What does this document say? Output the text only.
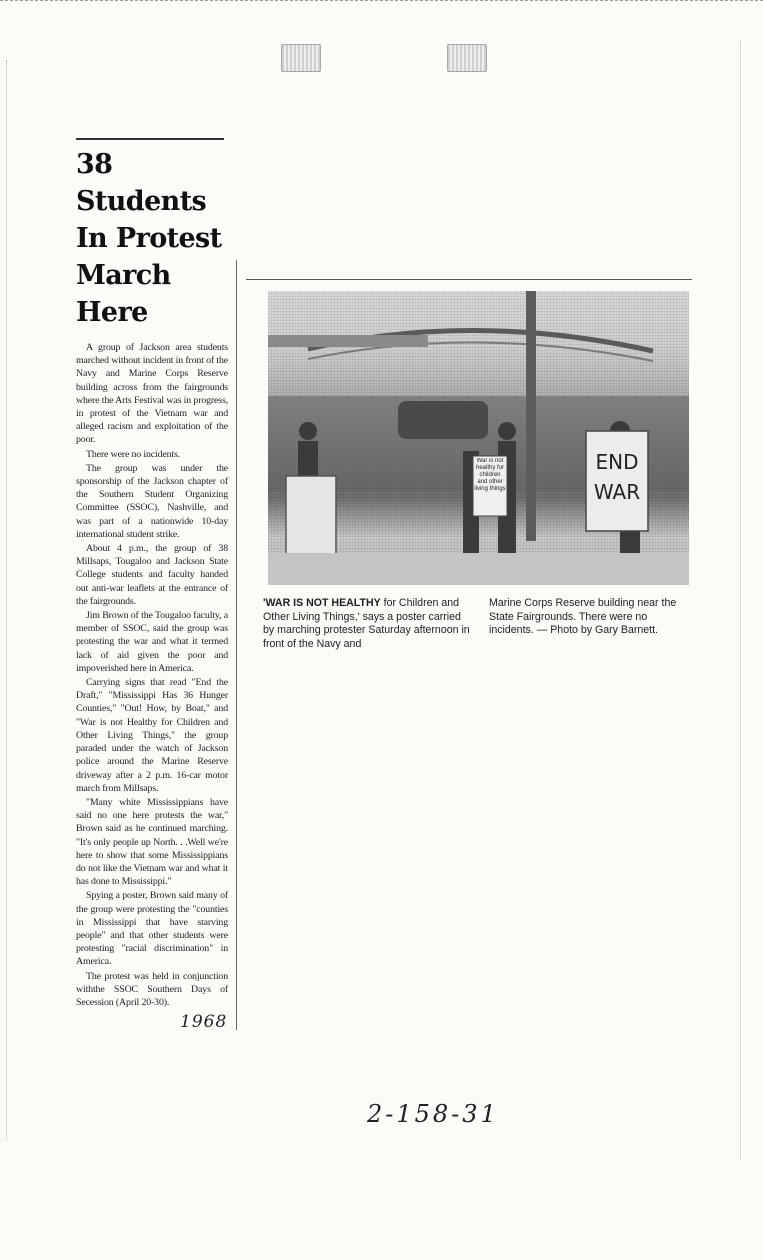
38 Students
In Protest
March Here

A group of Jackson area students marched without incident in front of the Navy and Marine Corps Reserve building across from the fairgrounds where the Arts Festival was in progress, in protest of the Vietnam war and alleged racism and exploitation of the poor.

There were no incidents.

The group was under the sponsorship of the Jackson chapter of the Southern Student Organizing Committee (SSOC), Nashville, and was part of a nationwide 10-day international student strike.

About 4 p.m., the group of 38 Millsaps, Tougaloo and Jackson State College students and faculty handed out anti-war leaflets at the entrance of the fairgrounds.

Jim Brown of the Tougaloo faculty, a member of SSOC, said the group was protesting the war and what it termed lack of aid given the poor and impoverished here in America.

Carrying signs that read "End the Draft," "Mississippi Has 36 Hunger Counties," "Out! How, by Boat," and "War is not Healthy for Children and Other Living Things," the group paraded under the watch of Jackson police around the Marine Reserve driveway after a 2 p.m. 16-car motor march from Millsaps.

"Many white Mississippians have said no one here protests the war," Brown said as he continued marching. "It's only people up North. . .Well we're here to show that some Mississippians do not like the Vietnam war and what it has done to Mississippi."

Spying a poster, Brown said many of the group were protesting the "counties in Mississippi that have starving people" and that other students were protesting "racial discrimination" in America.

The protest was held in conjunction withthe SSOC Southern Days of Secession (April 20-30).

END
WAR
War is not healthy for children and other living things

'WAR IS NOT HEALTHY for Children and Other Living Things,' says a poster carried by marching protester Saturday afternoon in front of the Navy and

Marine Corps Reserve building near the State Fairgrounds. There were no incidents. — Photo by Gary Barnett.

1968
2-158-31
